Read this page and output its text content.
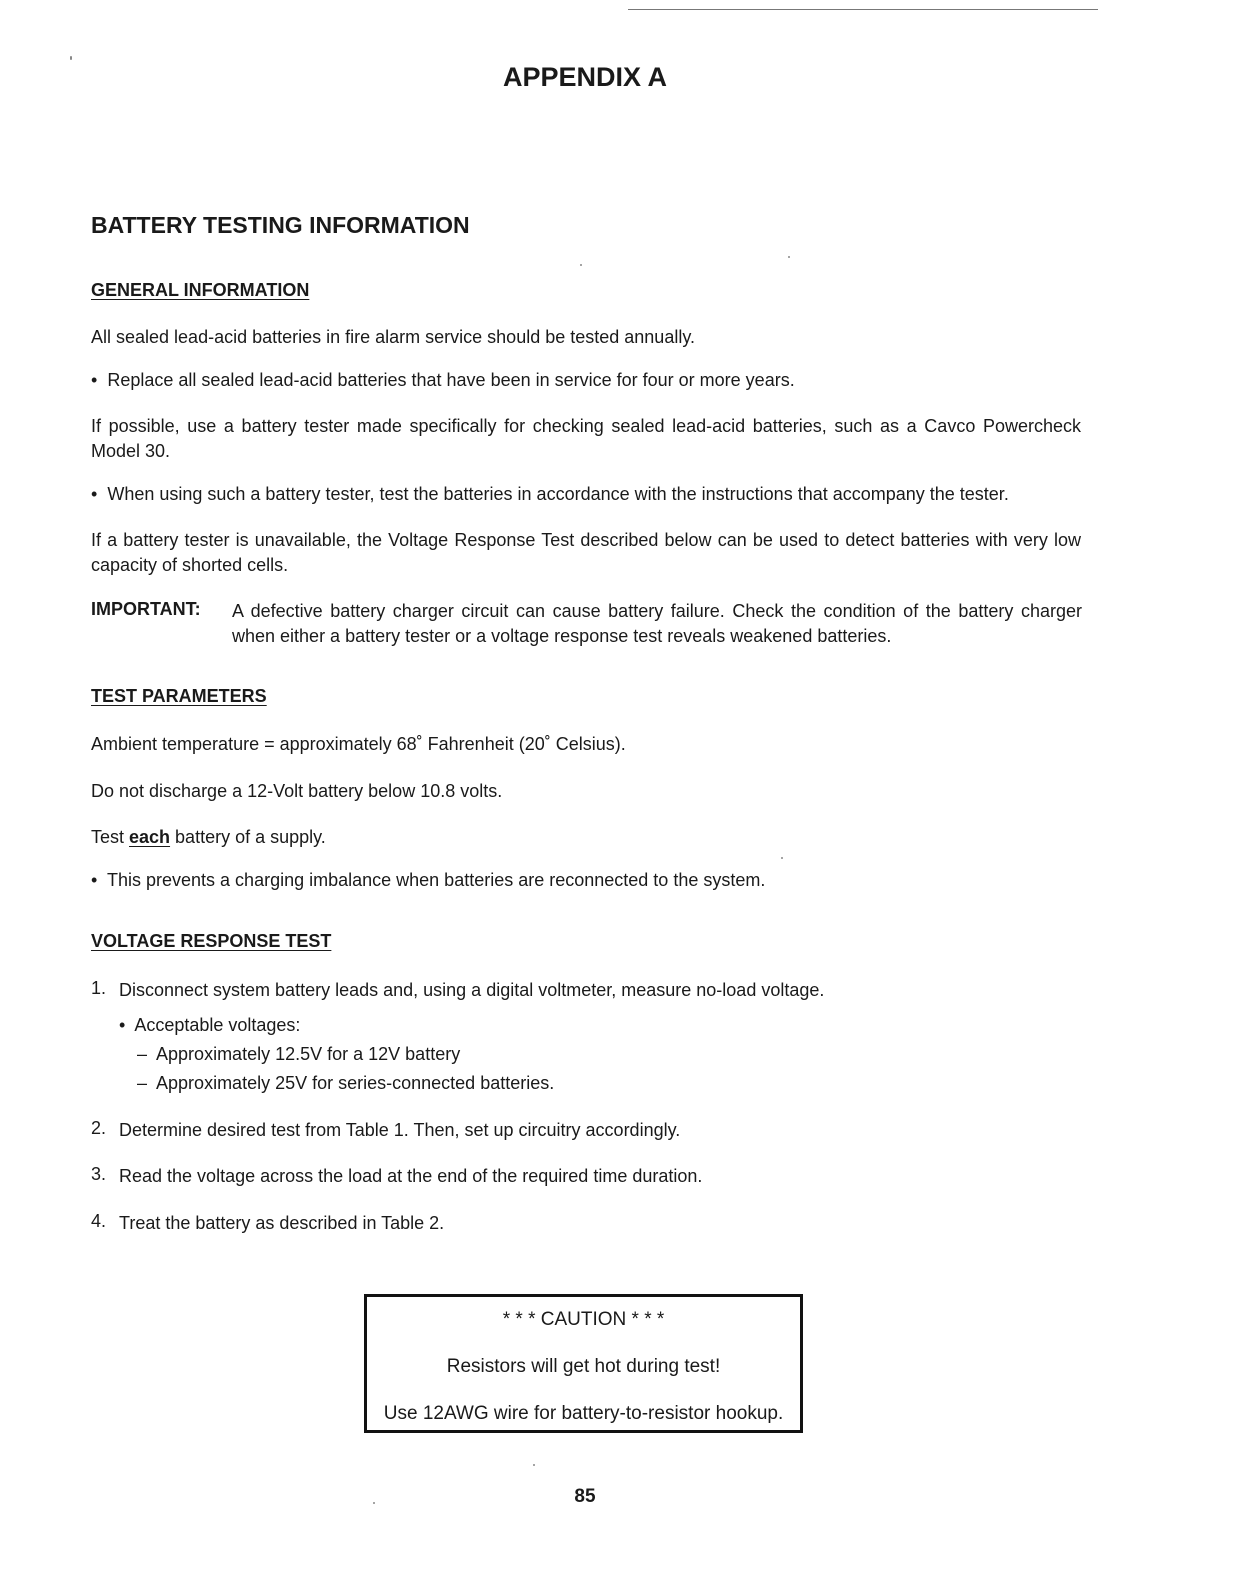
APPENDIX A
BATTERY TESTING INFORMATION
GENERAL INFORMATION
All sealed lead-acid batteries in fire alarm service should be tested annually.
• Replace all sealed lead-acid batteries that have been in service for four or more years.
If possible, use a battery tester made specifically for checking sealed lead-acid batteries, such as a Cavco Powercheck Model 30.
• When using such a battery tester, test the batteries in accordance with the instructions that accompany the tester.
If a battery tester is unavailable, the Voltage Response Test described below can be used to detect batteries with very low capacity of shorted cells.
IMPORTANT: A defective battery charger circuit can cause battery failure. Check the condition of the battery charger when either a battery tester or a voltage response test reveals weakened batteries.
TEST PARAMETERS
Ambient temperature = approximately 68˚ Fahrenheit (20˚ Celsius).
Do not discharge a 12-Volt battery below 10.8 volts.
Test each battery of a supply.
• This prevents a charging imbalance when batteries are reconnected to the system.
VOLTAGE RESPONSE TEST
1. Disconnect system battery leads and, using a digital voltmeter, measure no-load voltage.
• Acceptable voltages:
– Approximately 12.5V for a 12V battery
– Approximately 25V for series-connected batteries.
2. Determine desired test from Table 1. Then, set up circuitry accordingly.
3. Read the voltage across the load at the end of the required time duration.
4. Treat the battery as described in Table 2.
* * * CAUTION * * *
Resistors will get hot during test!
Use 12AWG wire for battery-to-resistor hookup.
85
